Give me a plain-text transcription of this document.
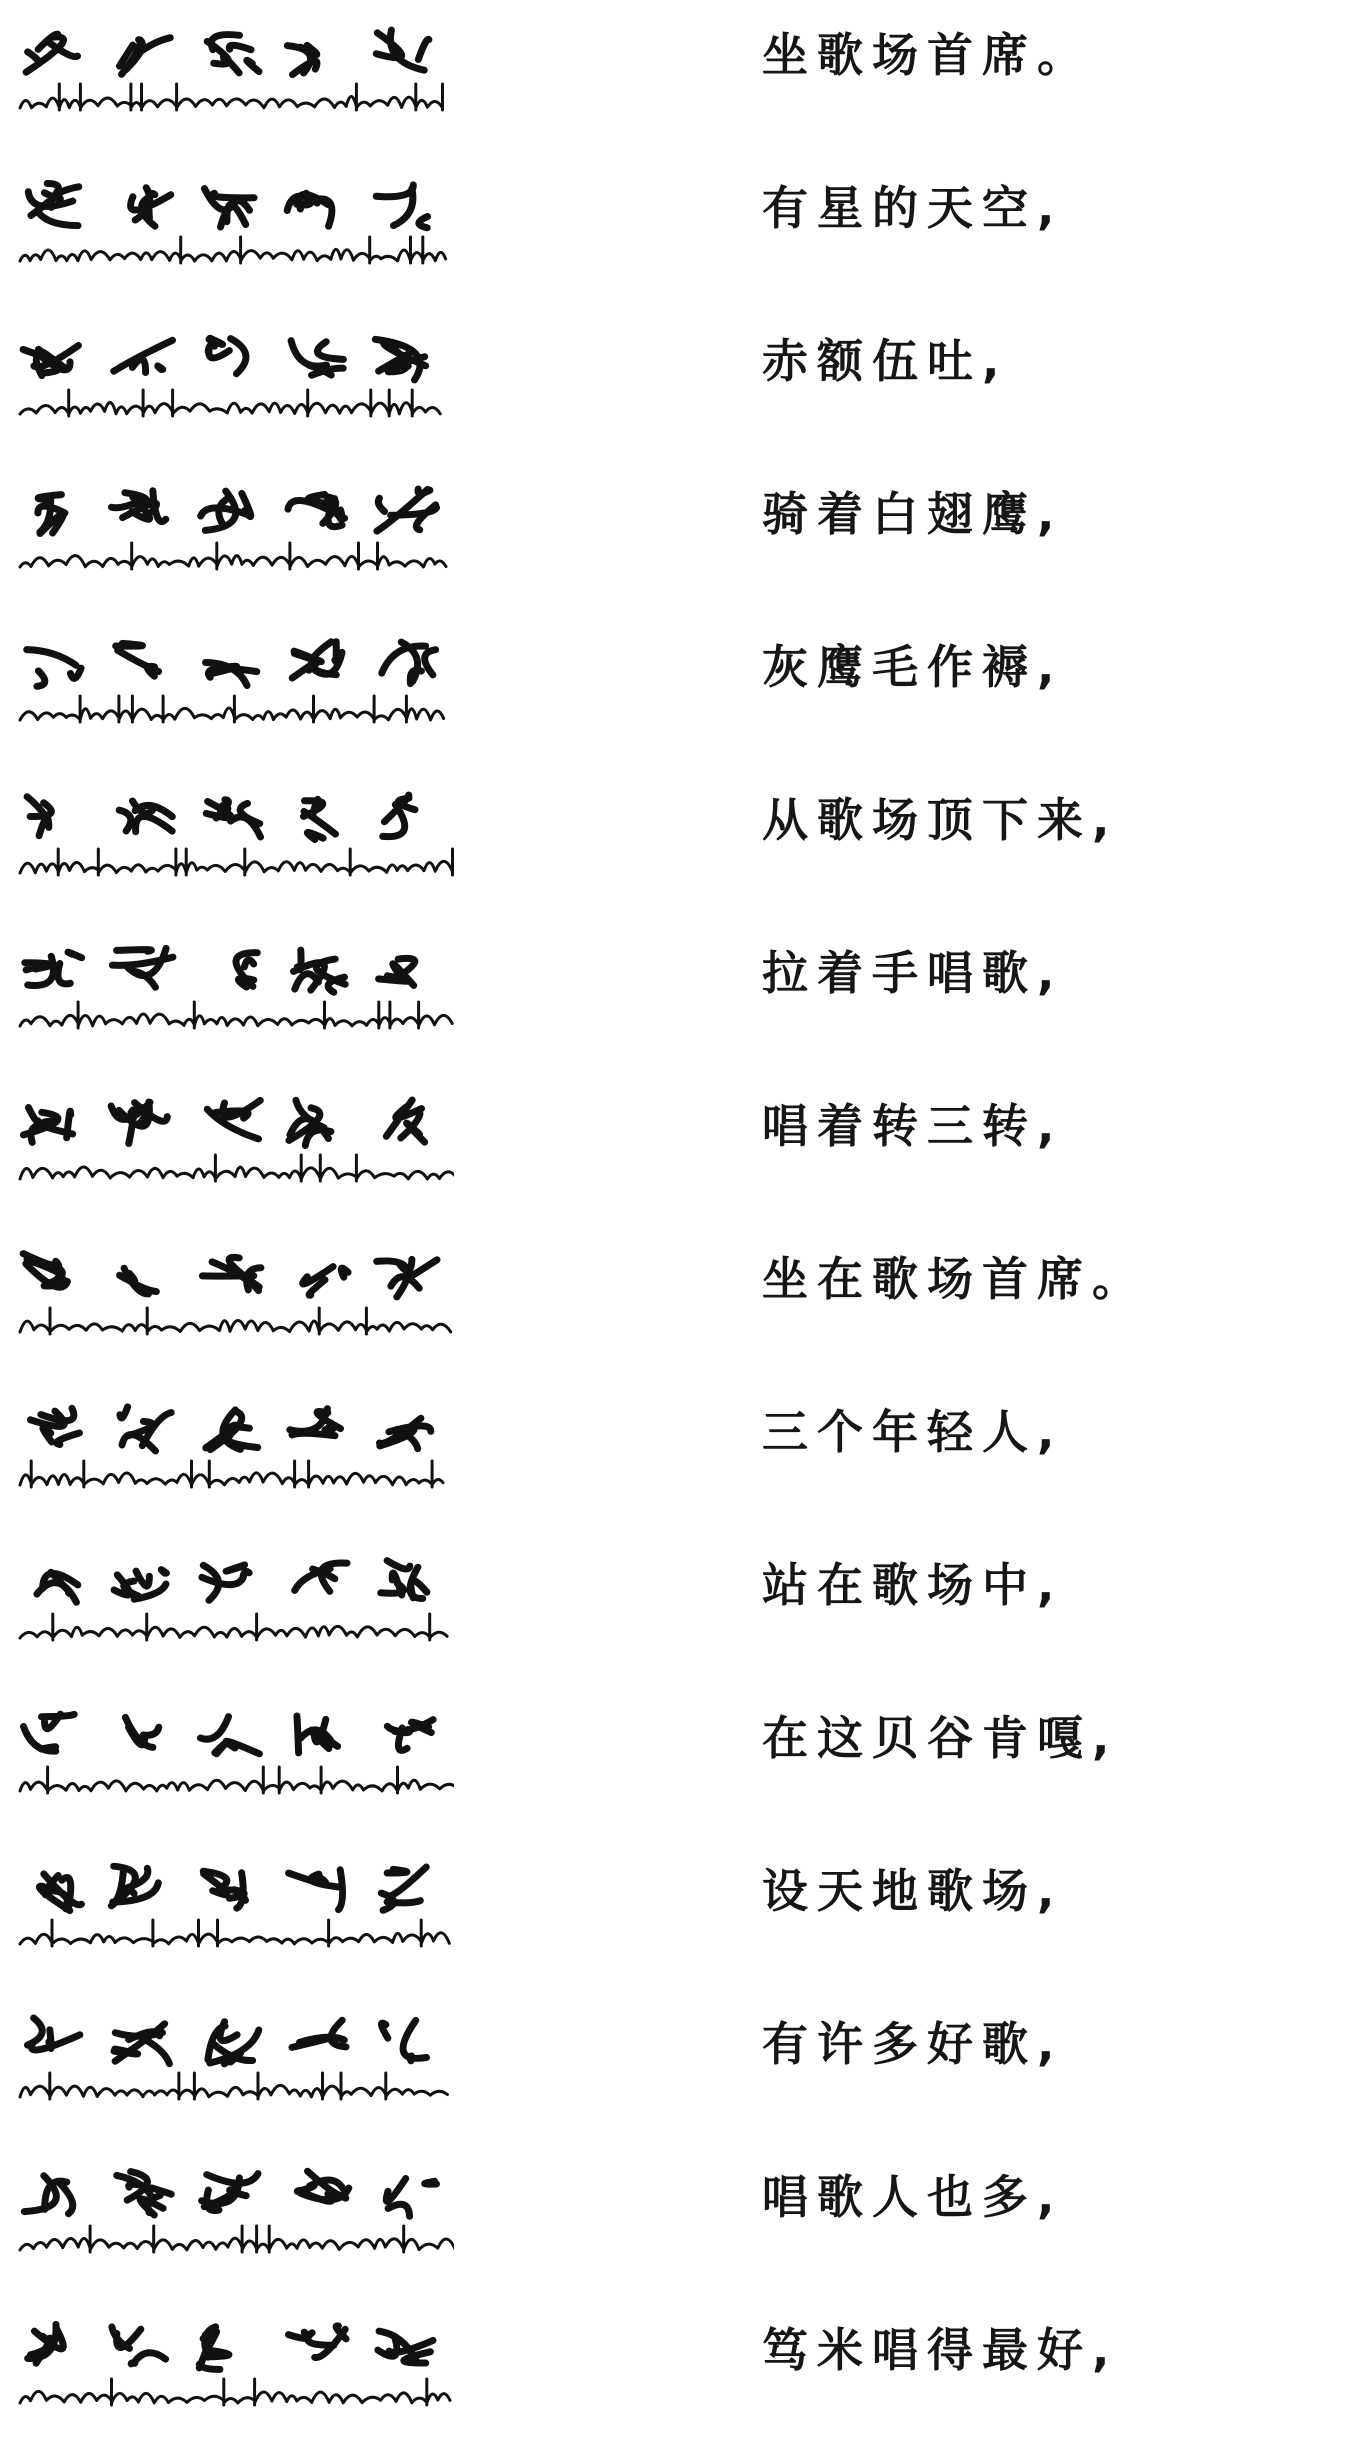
坐歌场首席。
有星的天空,
赤额伍吐,
骑着白翅鹰,
灰鹰毛作褥,
从歌场顶下来,
拉着手唱歌,
唱着转三转,
坐在歌场首席。
三个年轻人,
站在歌场中,
在这贝谷肯嘎,
设天地歌场,
有许多好歌,
唱歌人也多,
笃米唱得最好,
